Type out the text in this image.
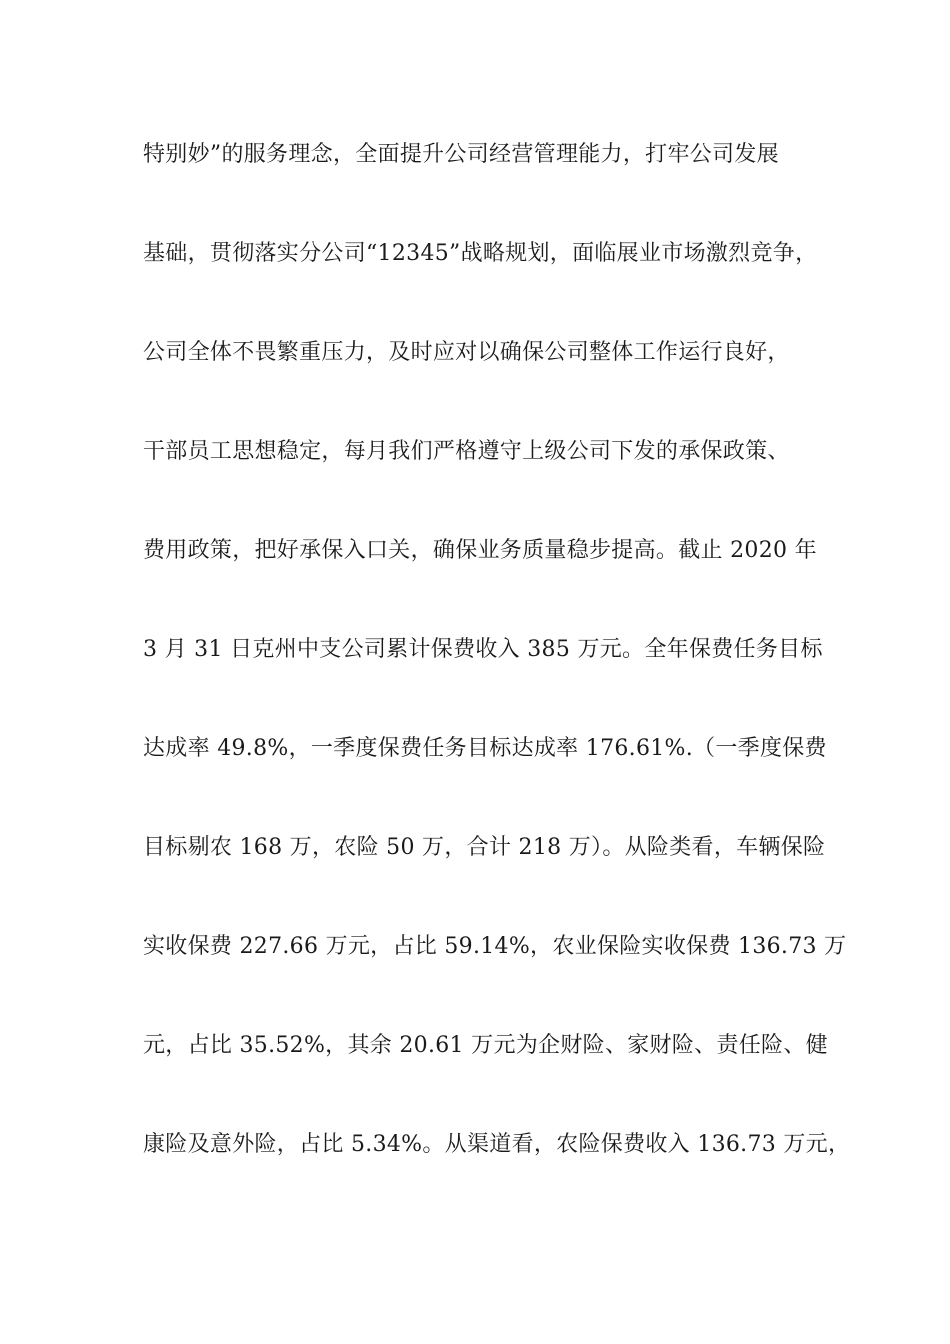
特别妙”的服务理念，全面提升公司经营管理能力，打牢公司发展
基础，贯彻落实分公司“12345”战略规划，面临展业市场激烈竞争，
公司全体不畏繁重压力，及时应对以确保公司整体工作运行良好，
干部员工思想稳定，每月我们严格遵守上级公司下发的承保政策、
费用政策，把好承保入口关，确保业务质量稳步提高。截止 2020 年
3 月 31 日克州中支公司累计保费收入 385 万元。全年保费任务目标
达成率 49.8%，一季度保费任务目标达成率 176.61%.（一季度保费
目标剔农 168 万，农险 50 万，合计 218 万）。从险类看，车辆保险
实收保费 227.66 万元，占比 59.14%，农业保险实收保费 136.73 万
元，占比 35.52%，其余 20.61 万元为企财险、家财险、责任险、健
康险及意外险，占比 5.34%。从渠道看，农险保费收入 136.73 万元，
